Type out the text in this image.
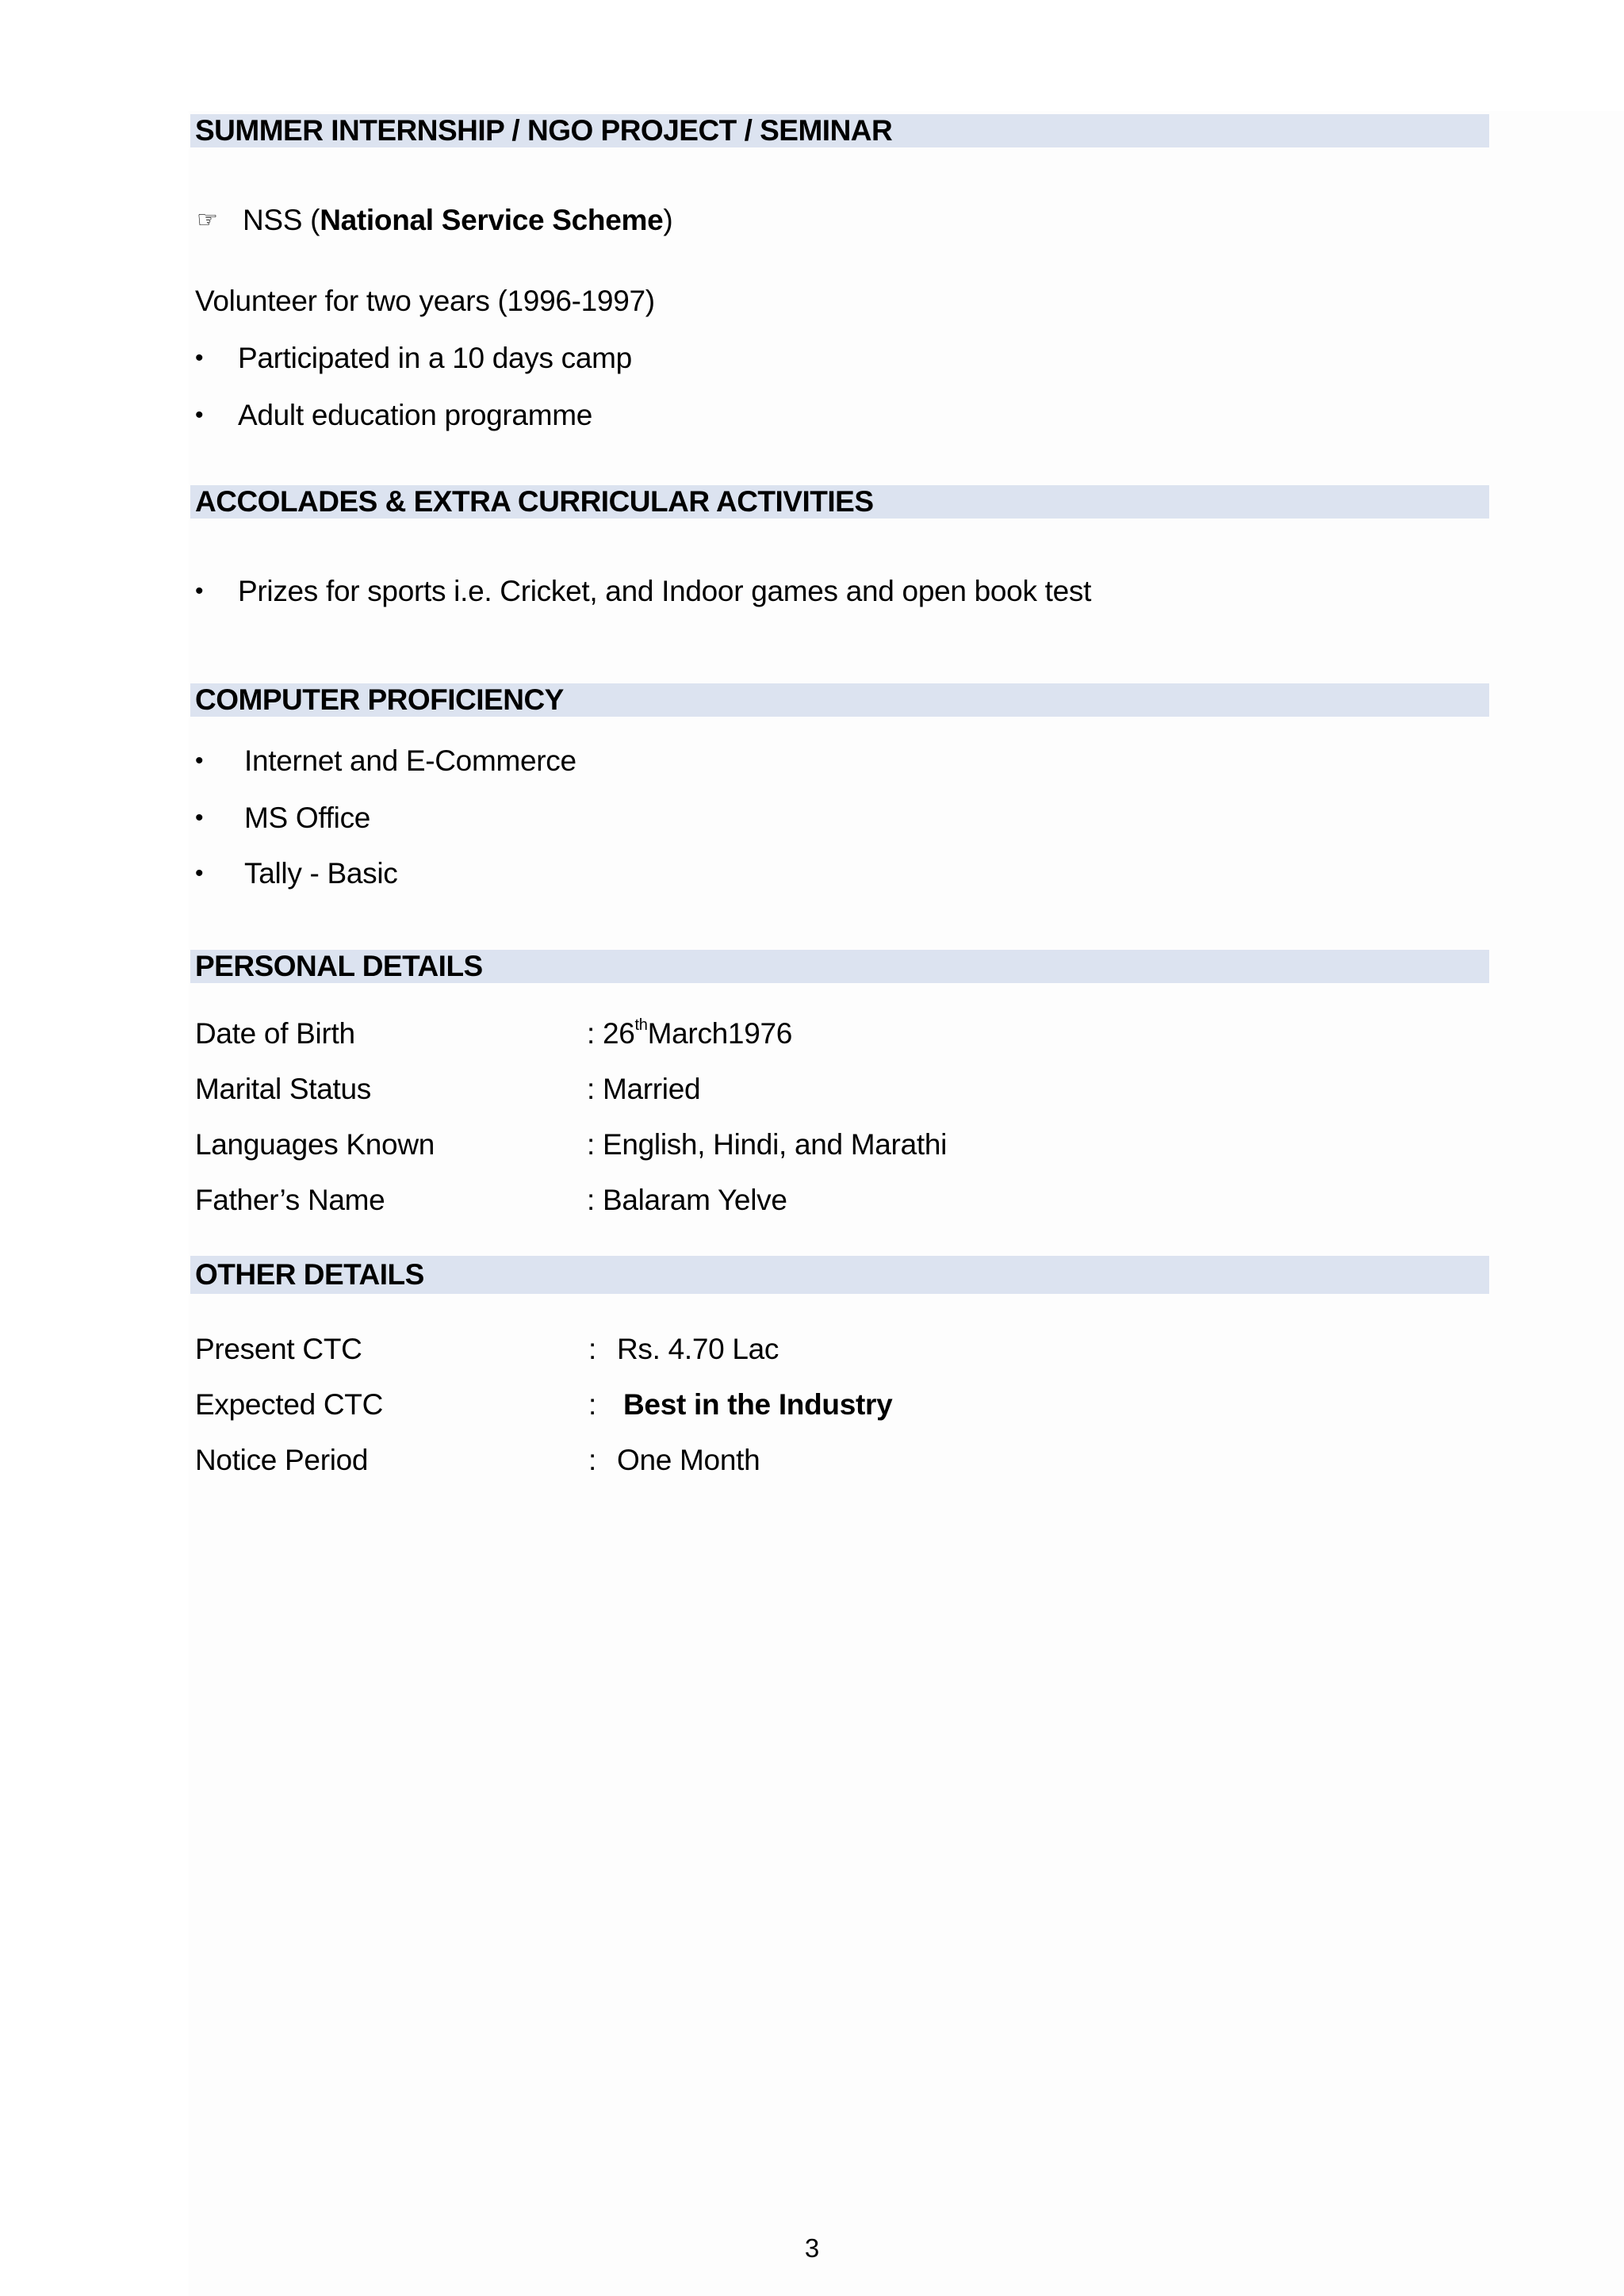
SUMMER INTERNSHIP / NGO PROJECT / SEMINAR
☞ NSS (National Service Scheme)
Volunteer for two years (1996-1997)
• Participated in a 10 days camp
• Adult education programme
ACCOLADES & EXTRA CURRICULAR ACTIVITIES
• Prizes for sports i.e. Cricket, and Indoor games and open book test
COMPUTER PROFICIENCY
• Internet and E-Commerce
• MS Office
• Tally - Basic
PERSONAL DETAILS
Date of Birth	: 26thMarch1976
Marital Status	: Married
Languages Known	: English, Hindi, and Marathi
Father’s Name	: Balaram Yelve
OTHER DETAILS
Present CTC	: Rs. 4.70 Lac
Expected CTC	: Best in the Industry
Notice Period	: One Month
3
